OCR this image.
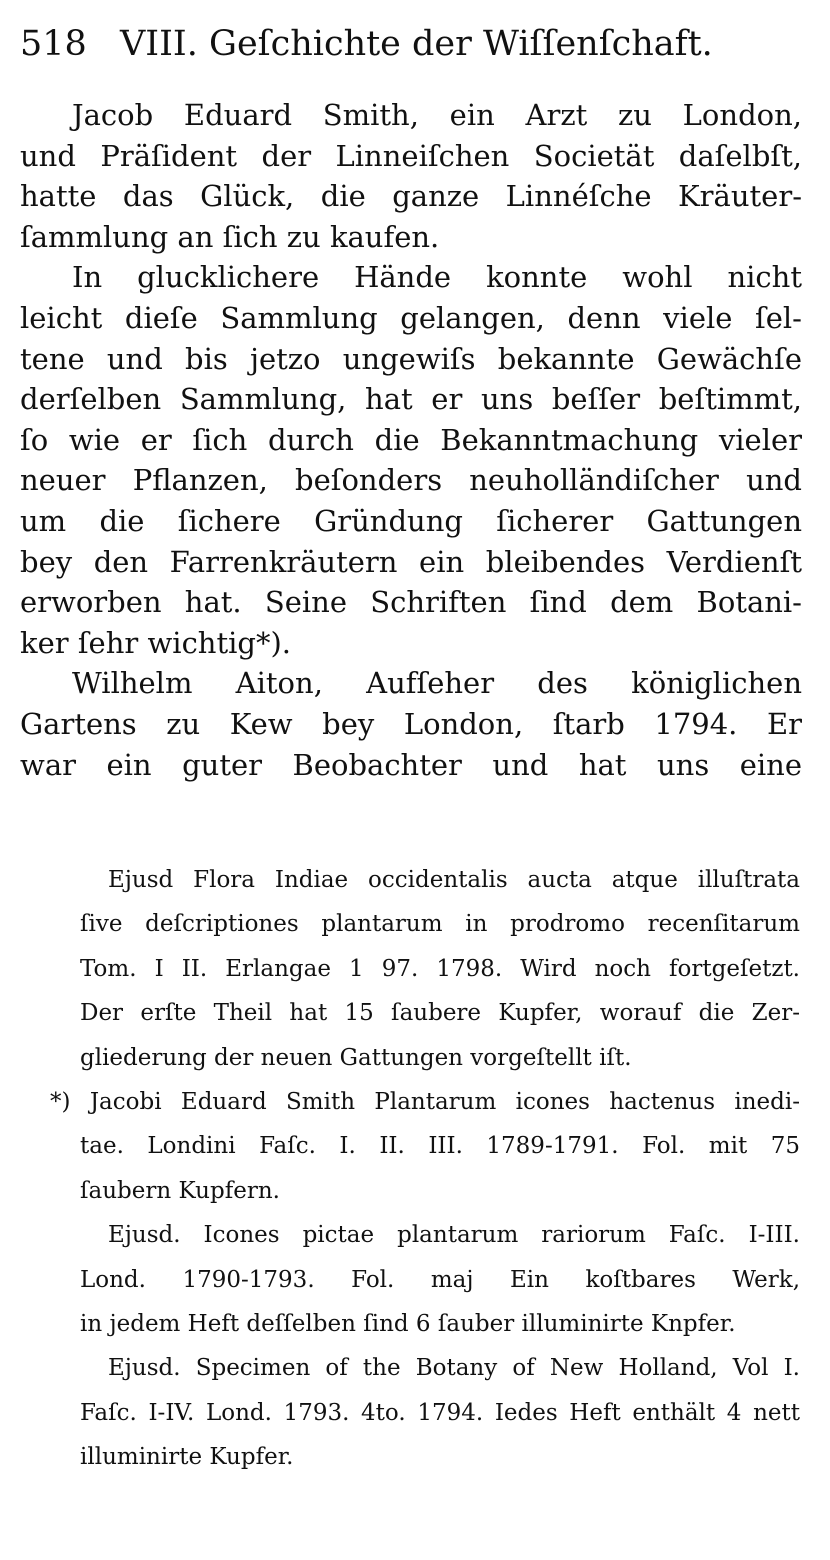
518 VIII. Geſchichte der Wiſſenſchaft.
Jacob Eduard Smith, ein Arzt zu London,
und Präſident der Linneiſchen Societät daſelbſt,
hatte das Glück, die ganze Linnéſche Kräuter-
ſammlung an ſich zu kaufen.
In glucklichere Hände konnte wohl nicht
leicht dieſe Sammlung gelangen, denn viele ſel-
tene und bis jetzo ungewiſs bekannte Gewächſe
derſelben Sammlung, hat er uns beſſer beſtimmt,
ſo wie er ſich durch die Bekanntmachung vieler
neuer Pflanzen, beſonders neuholländiſcher und
um die ſichere Gründung ſicherer Gattungen
bey den Farrenkräutern ein bleibendes Verdienſt
erworben hat. Seine Schriften ſind dem Botani-
ker ſehr wichtig*).
Wilhelm Aiton, Aufſeher des königlichen
Gartens zu Kew bey London, ſtarb 1794. Er
war ein guter Beobachter und hat uns eine
Ejusd Flora Indiae occidentalis aucta atque illuſtrata
ſive deſcriptiones plantarum in prodromo recenſitarum
Tom. I II. Erlangae 1 97. 1798. Wird noch fortgeſetzt.
Der erſte Theil hat 15 ſaubere Kupfer, worauf die Zer-
gliederung der neuen Gattungen vorgeſtellt iſt.
*) Jacobi Eduard Smith Plantarum icones hactenus inedi-
tae. Londini Faſc. I. II. III. 1789-1791. Fol. mit 75
ſaubern Kupfern.
Ejusd. Icones pictae plantarum rariorum Faſc. I-III.
Lond. 1790-1793. Fol. maj Ein koſtbares Werk,
in jedem Heft deſſelben ſind 6 ſauber illuminirte Knpfer.
Ejusd. Specimen of the Botany of New Holland, Vol I.
Faſc. I-IV. Lond. 1793. 4to. 1794. Iedes Heft enthält 4 nett
illuminirte Kupfer.
